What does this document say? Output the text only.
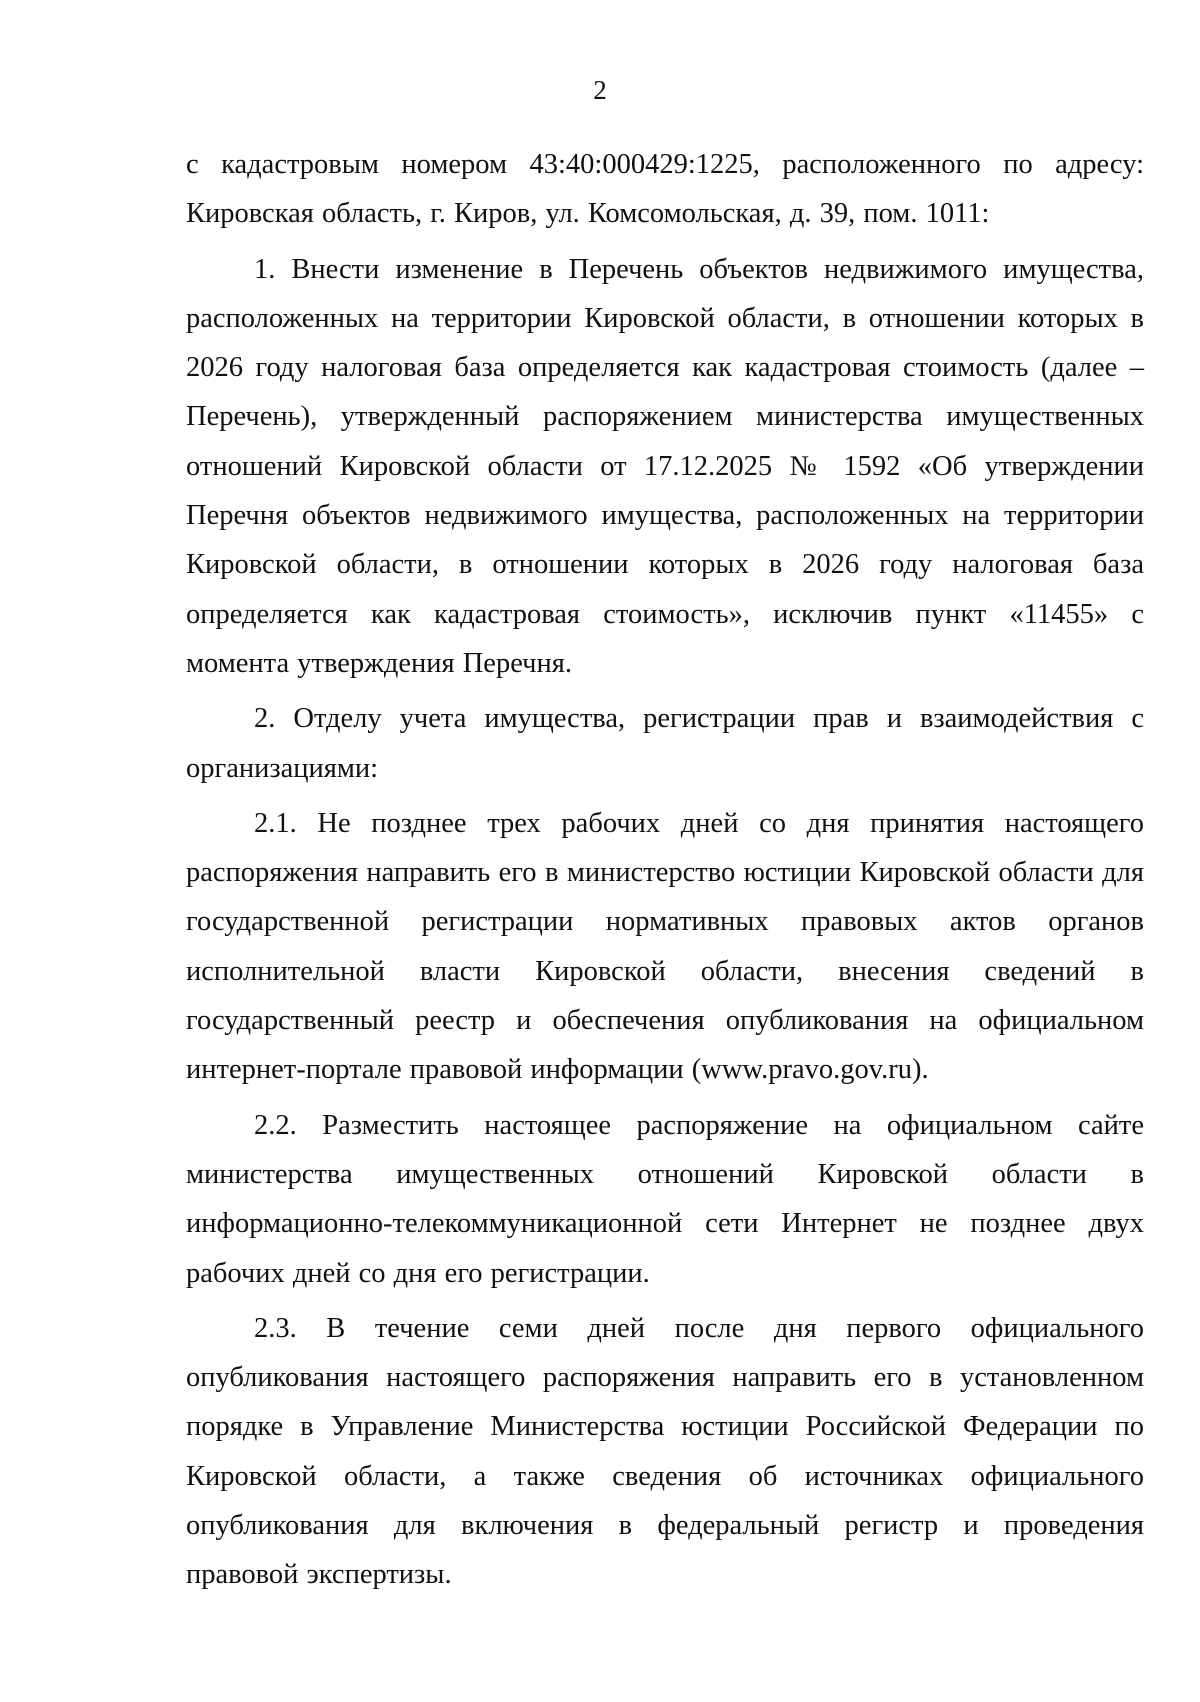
2

с кадастровым номером 43:40:000429:1225, расположенного по адресу: Кировская область, г. Киров, ул. Комсомольская, д. 39, пом. 1011:

1. Внести изменение в Перечень объектов недвижимого имущества, расположенных на территории Кировской области, в отношении которых в 2026 году налоговая база определяется как кадастровая стоимость (далее – Перечень), утвержденный распоряжением министерства имущественных отношений Кировской области от 17.12.2025 № 1592 «Об утверждении Перечня объектов недвижимого имущества, расположенных на территории Кировской области, в отношении которых в 2026 году налоговая база определяется как кадастровая стоимость», исключив пункт «11455» с момента утверждения Перечня.

2. Отделу учета имущества, регистрации прав и взаимодействия с организациями:

2.1. Не позднее трех рабочих дней со дня принятия настоящего распоряжения направить его в министерство юстиции Кировской области для государственной регистрации нормативных правовых актов органов исполнительной власти Кировской области, внесения сведений в государственный реестр и обеспечения опубликования на официальном интернет-портале правовой информации (www.pravo.gov.ru).

2.2. Разместить настоящее распоряжение на официальном сайте министерства имущественных отношений Кировской области в информационно-телекоммуникационной сети Интернет не позднее двух рабочих дней со дня его регистрации.

2.3. В течение семи дней после дня первого официального опубликования настоящего распоряжения направить его в установленном порядке в Управление Министерства юстиции Российской Федерации по Кировской области, а также сведения об источниках официального опубликования для включения в федеральный регистр и проведения правовой экспертизы.
